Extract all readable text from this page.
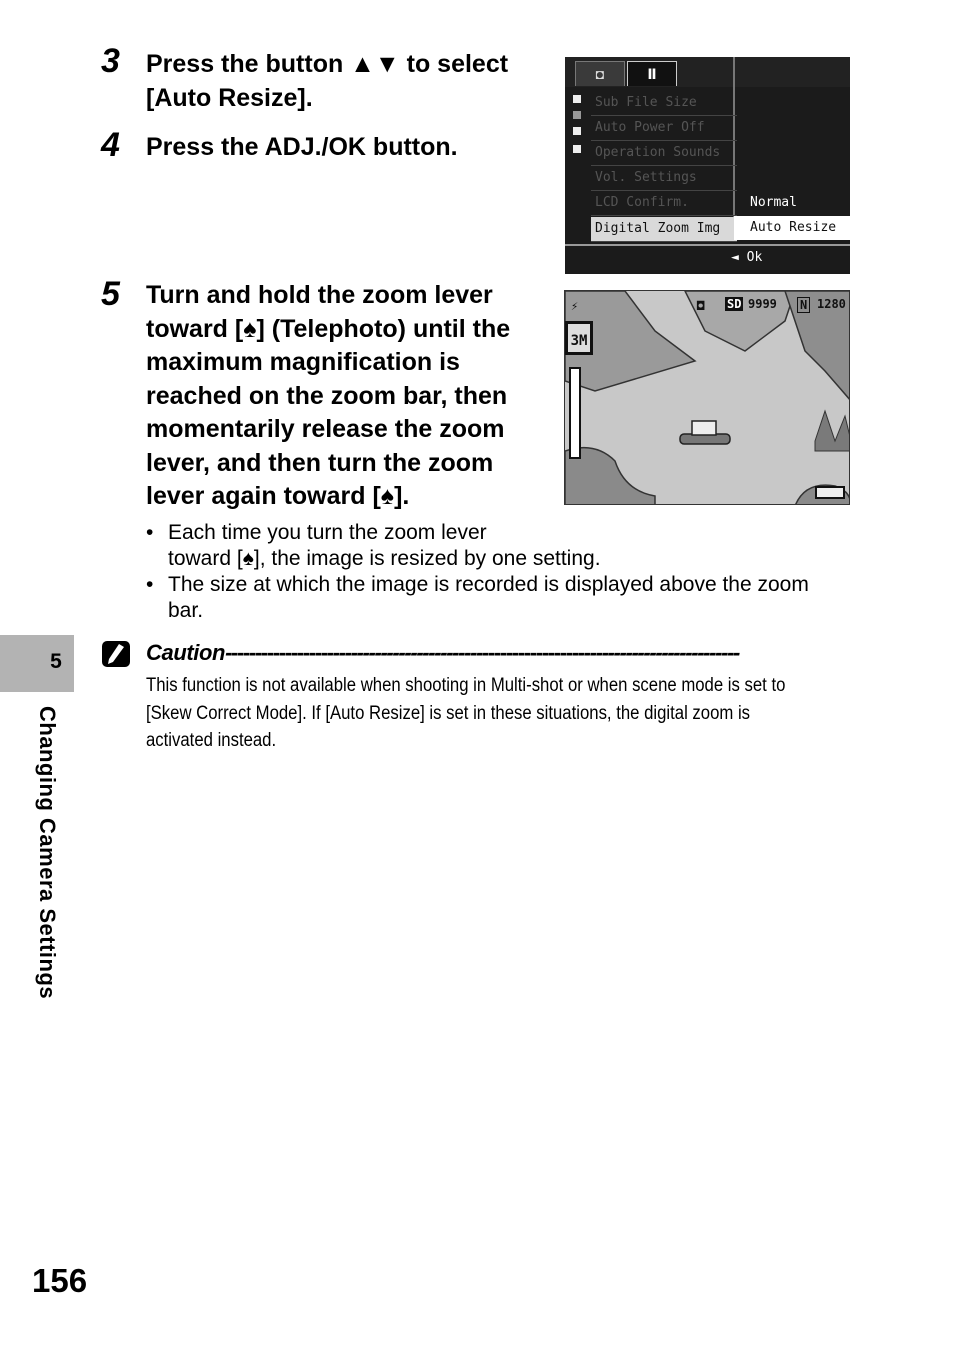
5
Changing Camera Settings
3 Press the button ▲▼ to select
[Auto Resize].
4 Press the ADJ./OK button.
5 Turn and hold the zoom lever
toward [♠] (Telephoto) until the
maximum magnification is
reached on the zoom bar, then
momentarily release the zoom
lever, and then turn the zoom
lever again toward [♠].
• Each time you turn the zoom lever
toward [♠], the image is resized by one setting.
• The size at which the image is recorded is displayed above the zoom
bar.
Caution--------------------------------------------------------------------------------------
This function is not available when shooting in Multi-shot or when scene mode is set to
[Skew Correct Mode]. If [Auto Resize] is set in these situations, the digital zoom is
activated instead.
◘	Ⅱ
Sub File Size
Auto Power Off
Operation Sounds
Vol. Settings
LCD Confirm.
Digital Zoom Img
Normal
Auto Resize
◄ Ok
⚡	◘ SD 9999 N 1280
3M
156
